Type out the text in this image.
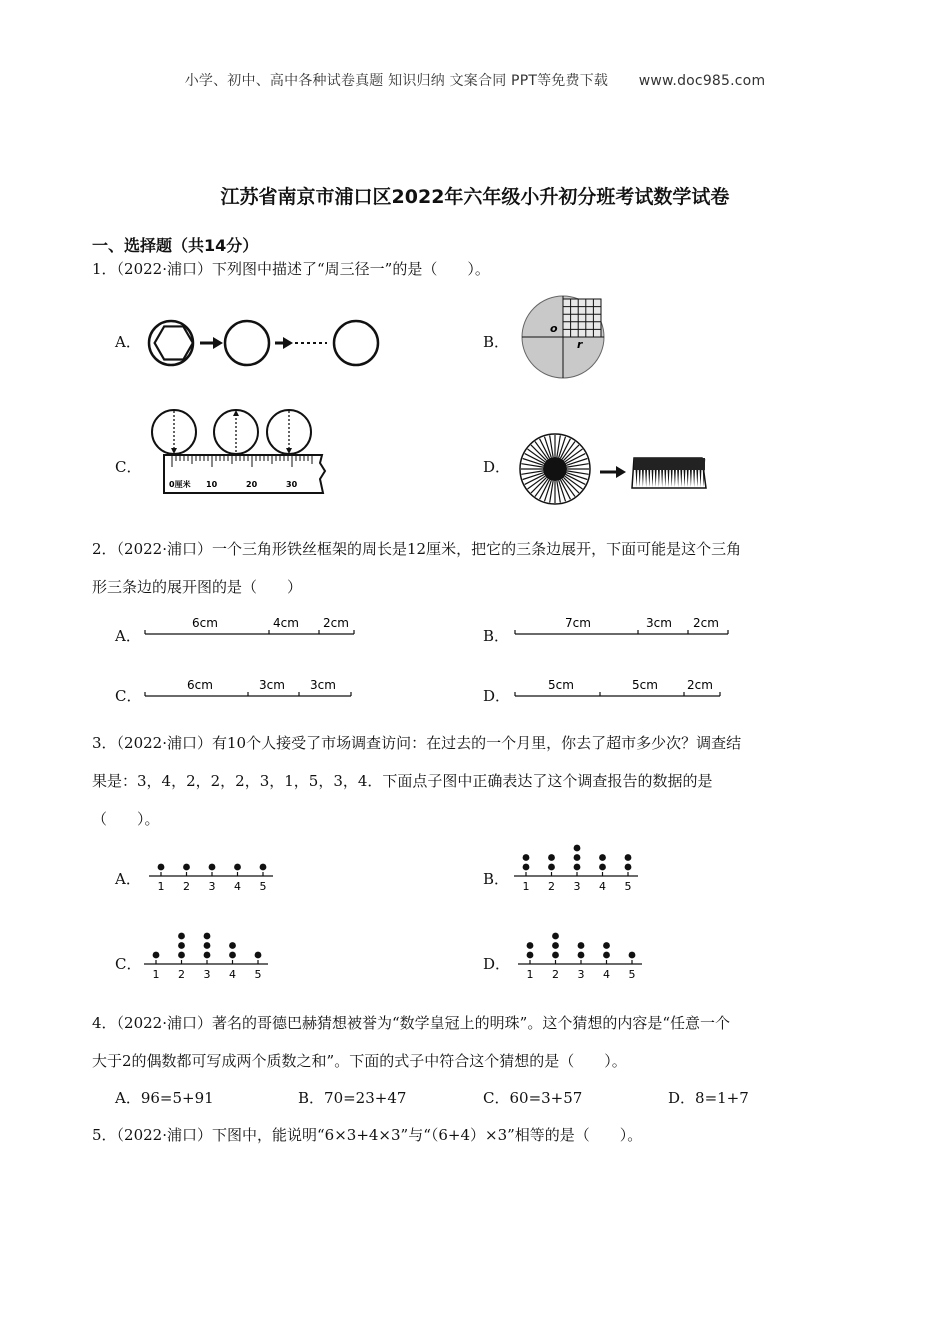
小学、初中、高中各种试卷真题 知识归纳 文案合同 PPT等免费下载 www.doc985.com
江苏省南京市浦口区2022年六年级小升初分班考试数学试卷
一、选择题（共14分）
1．（2022·浦口）下列图中描述了“周三径一”的是（　　）。
A．	B．
o
r
C．
0厘米 10	20	30
D．
2．（2022·浦口）一个三角形铁丝框架的周长是12厘米，把它的三条边展开，下面可能是这个三角
形三条边的展开图的是（　　）
A．
6cm	4cm 2cm
B．
7cm	3cm 2cm
C．
6cm	3cm 3cm
D．
5cm	5cm 2cm
3．（2022·浦口）有10个人接受了市场调查访问：在过去的一个月里，你去了超市多少次？调查结
果是：3，4，2，2，2，3，1，5，3，4．下面点子图中正确表达了这个调查报告的数据的是
（　　）。
A． 1 2 3 4 5	B． 1 2 3 4 5
C．
1 2 3 4 5
D．
1 2 3 4 5
4．（2022·浦口）著名的哥德巴赫猜想被誉为“数学皇冠上的明珠”。这个猜想的内容是“任意一个
大于2的偶数都可写成两个质数之和”。下面的式子中符合这个猜想的是（　　）。
A．96=5+91	B．70=23+47	C．60=3+57	D．8=1+7
5．（2022·浦口）下图中，能说明“6×3+4×3”与“（6+4）×3”相等的是（　　）。
